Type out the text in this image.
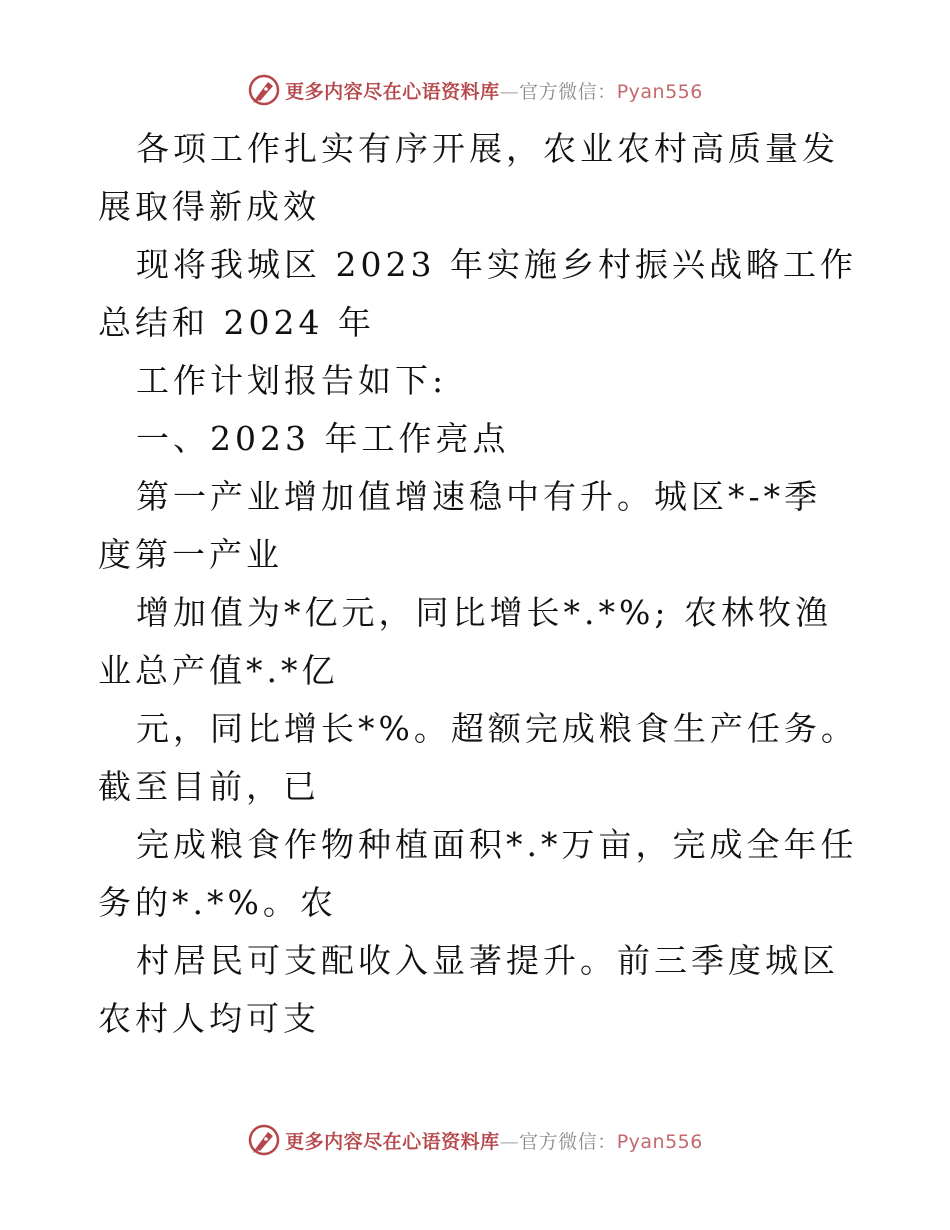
更多内容尽在心语资料库—官方微信：Pyan556

各项工作扎实有序开展，农业农村高质量发展取得新成效

现将我城区 2023 年实施乡村振兴战略工作总结和 2024 年

工作计划报告如下:

一、2023 年工作亮点

第一产业增加值增速稳中有升。城区*-*季度第一产业

增加值为*亿元，同比增长*.*%; 农林牧渔业总产值*.*亿

元，同比增长*%。超额完成粮食生产任务。截至目前，已

完成粮食作物种植面积*.*万亩，完成全年任务的*.*%。农

村居民可支配收入显著提升。前三季度城区农村人均可支

更多内容尽在心语资料库—官方微信：Pyan556
